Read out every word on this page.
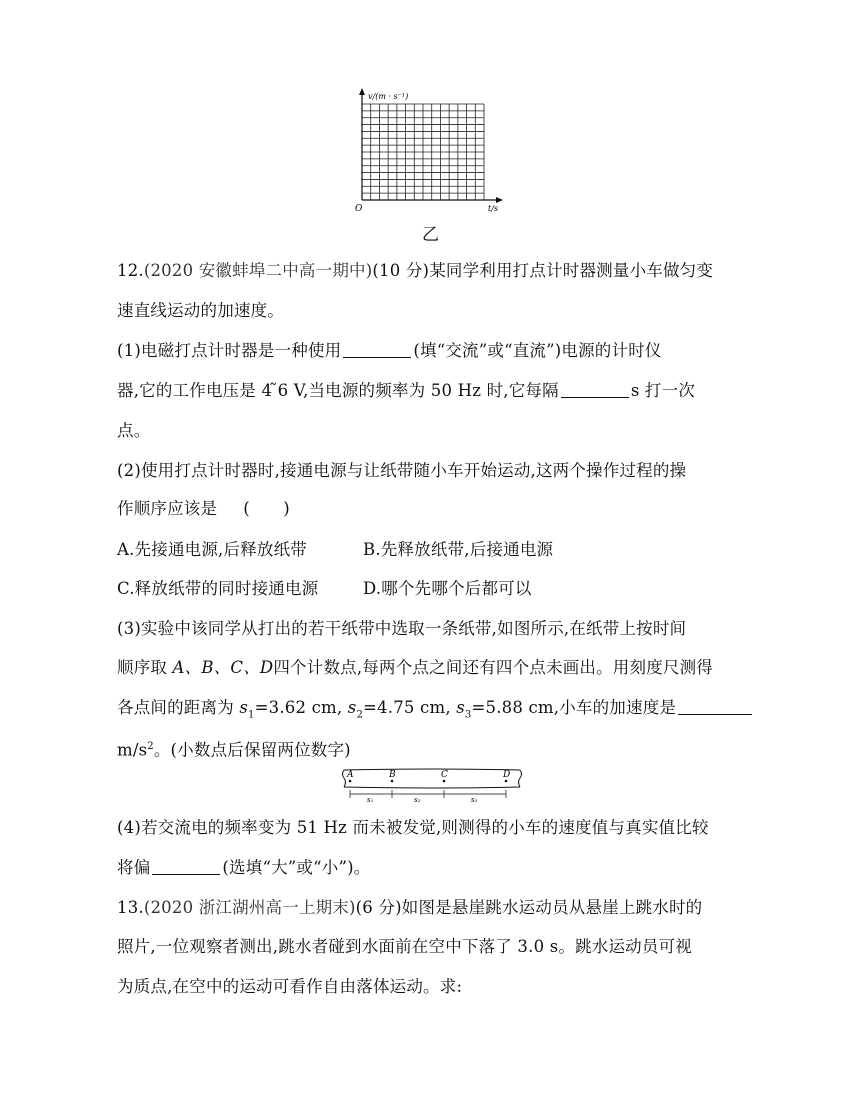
v/(m · s⁻¹)
O	t/s
乙
12.(2020 安徽蚌埠二中高一期中)(10 分)某同学利用打点计时器测量小车做匀变
速直线运动的加速度。
(1)电磁打点计时器是一种使用	(填“交流”或“直流”)电源的计时仪
器,它的工作电压是 4 ̃6 V,当电源的频率为 50 Hz 时,它每隔	s 打一次
点。
(2)使用打点计时器时,接通电源与让纸带随小车开始运动,这两个操作过程的操
作顺序应该是 (　　)
A.先接通电源,后释放纸带	B.先释放纸带,后接通电源
C.释放纸带的同时接通电源	D.哪个先哪个后都可以
(3)实验中该同学从打出的若干纸带中选取一条纸带,如图所示,在纸带上按时间
顺序取 A、B、C、D四个计数点,每两个点之间还有四个点未画出。用刻度尺测得
各点间的距离为 $s_1=3.62$ cm, $s_2=4.75$ cm, $s_3=5.88$ cm,小车的加速度是
$m/s^2$。(小数点后保留两位数字)
A	B	C	D
s₁	s₂	s₃
(4)若交流电的频率变为 51 Hz 而未被发觉,则测得的小车的速度值与真实值比较
将偏	(选填“大”或“小”)。
13.(2020 浙江湖州高一上期末)(6 分)如图是悬崖跳水运动员从悬崖上跳水时的
照片,一位观察者测出,跳水者碰到水面前在空中下落了 3.0 s。跳水运动员可视
为质点,在空中的运动可看作自由落体运动。求:
